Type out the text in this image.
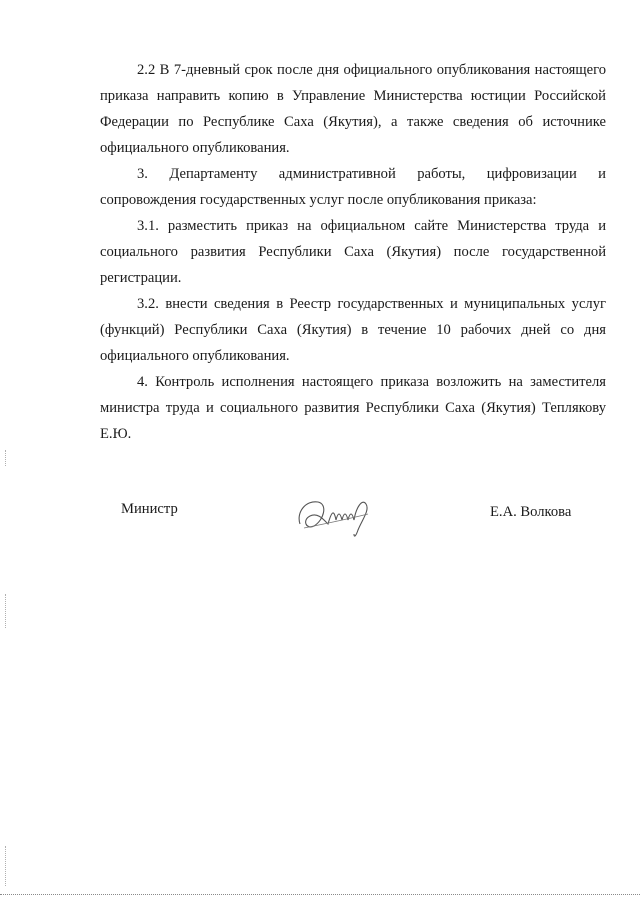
2.2 В 7-дневный срок после дня официального опубликования настоящего приказа направить копию в Управление Министерства юстиции Российской Федерации по Республике Саха (Якутия), а также сведения об источнике официального опубликования.

3. Департаменту административной работы, цифровизации и сопровождения государственных услуг после опубликования приказа:

3.1. разместить приказ на официальном сайте Министерства труда и социального развития Республики Саха (Якутия) после государственной регистрации.

3.2. внести сведения в Реестр государственных и муниципальных услуг (функций) Республики Саха (Якутия) в течение 10 рабочих дней со дня официального опубликования.

4. Контроль исполнения настоящего приказа возложить на заместителя министра труда и социального развития Республики Саха (Якутия) Теплякову Е.Ю.

Министр	Е.А. Волкова
